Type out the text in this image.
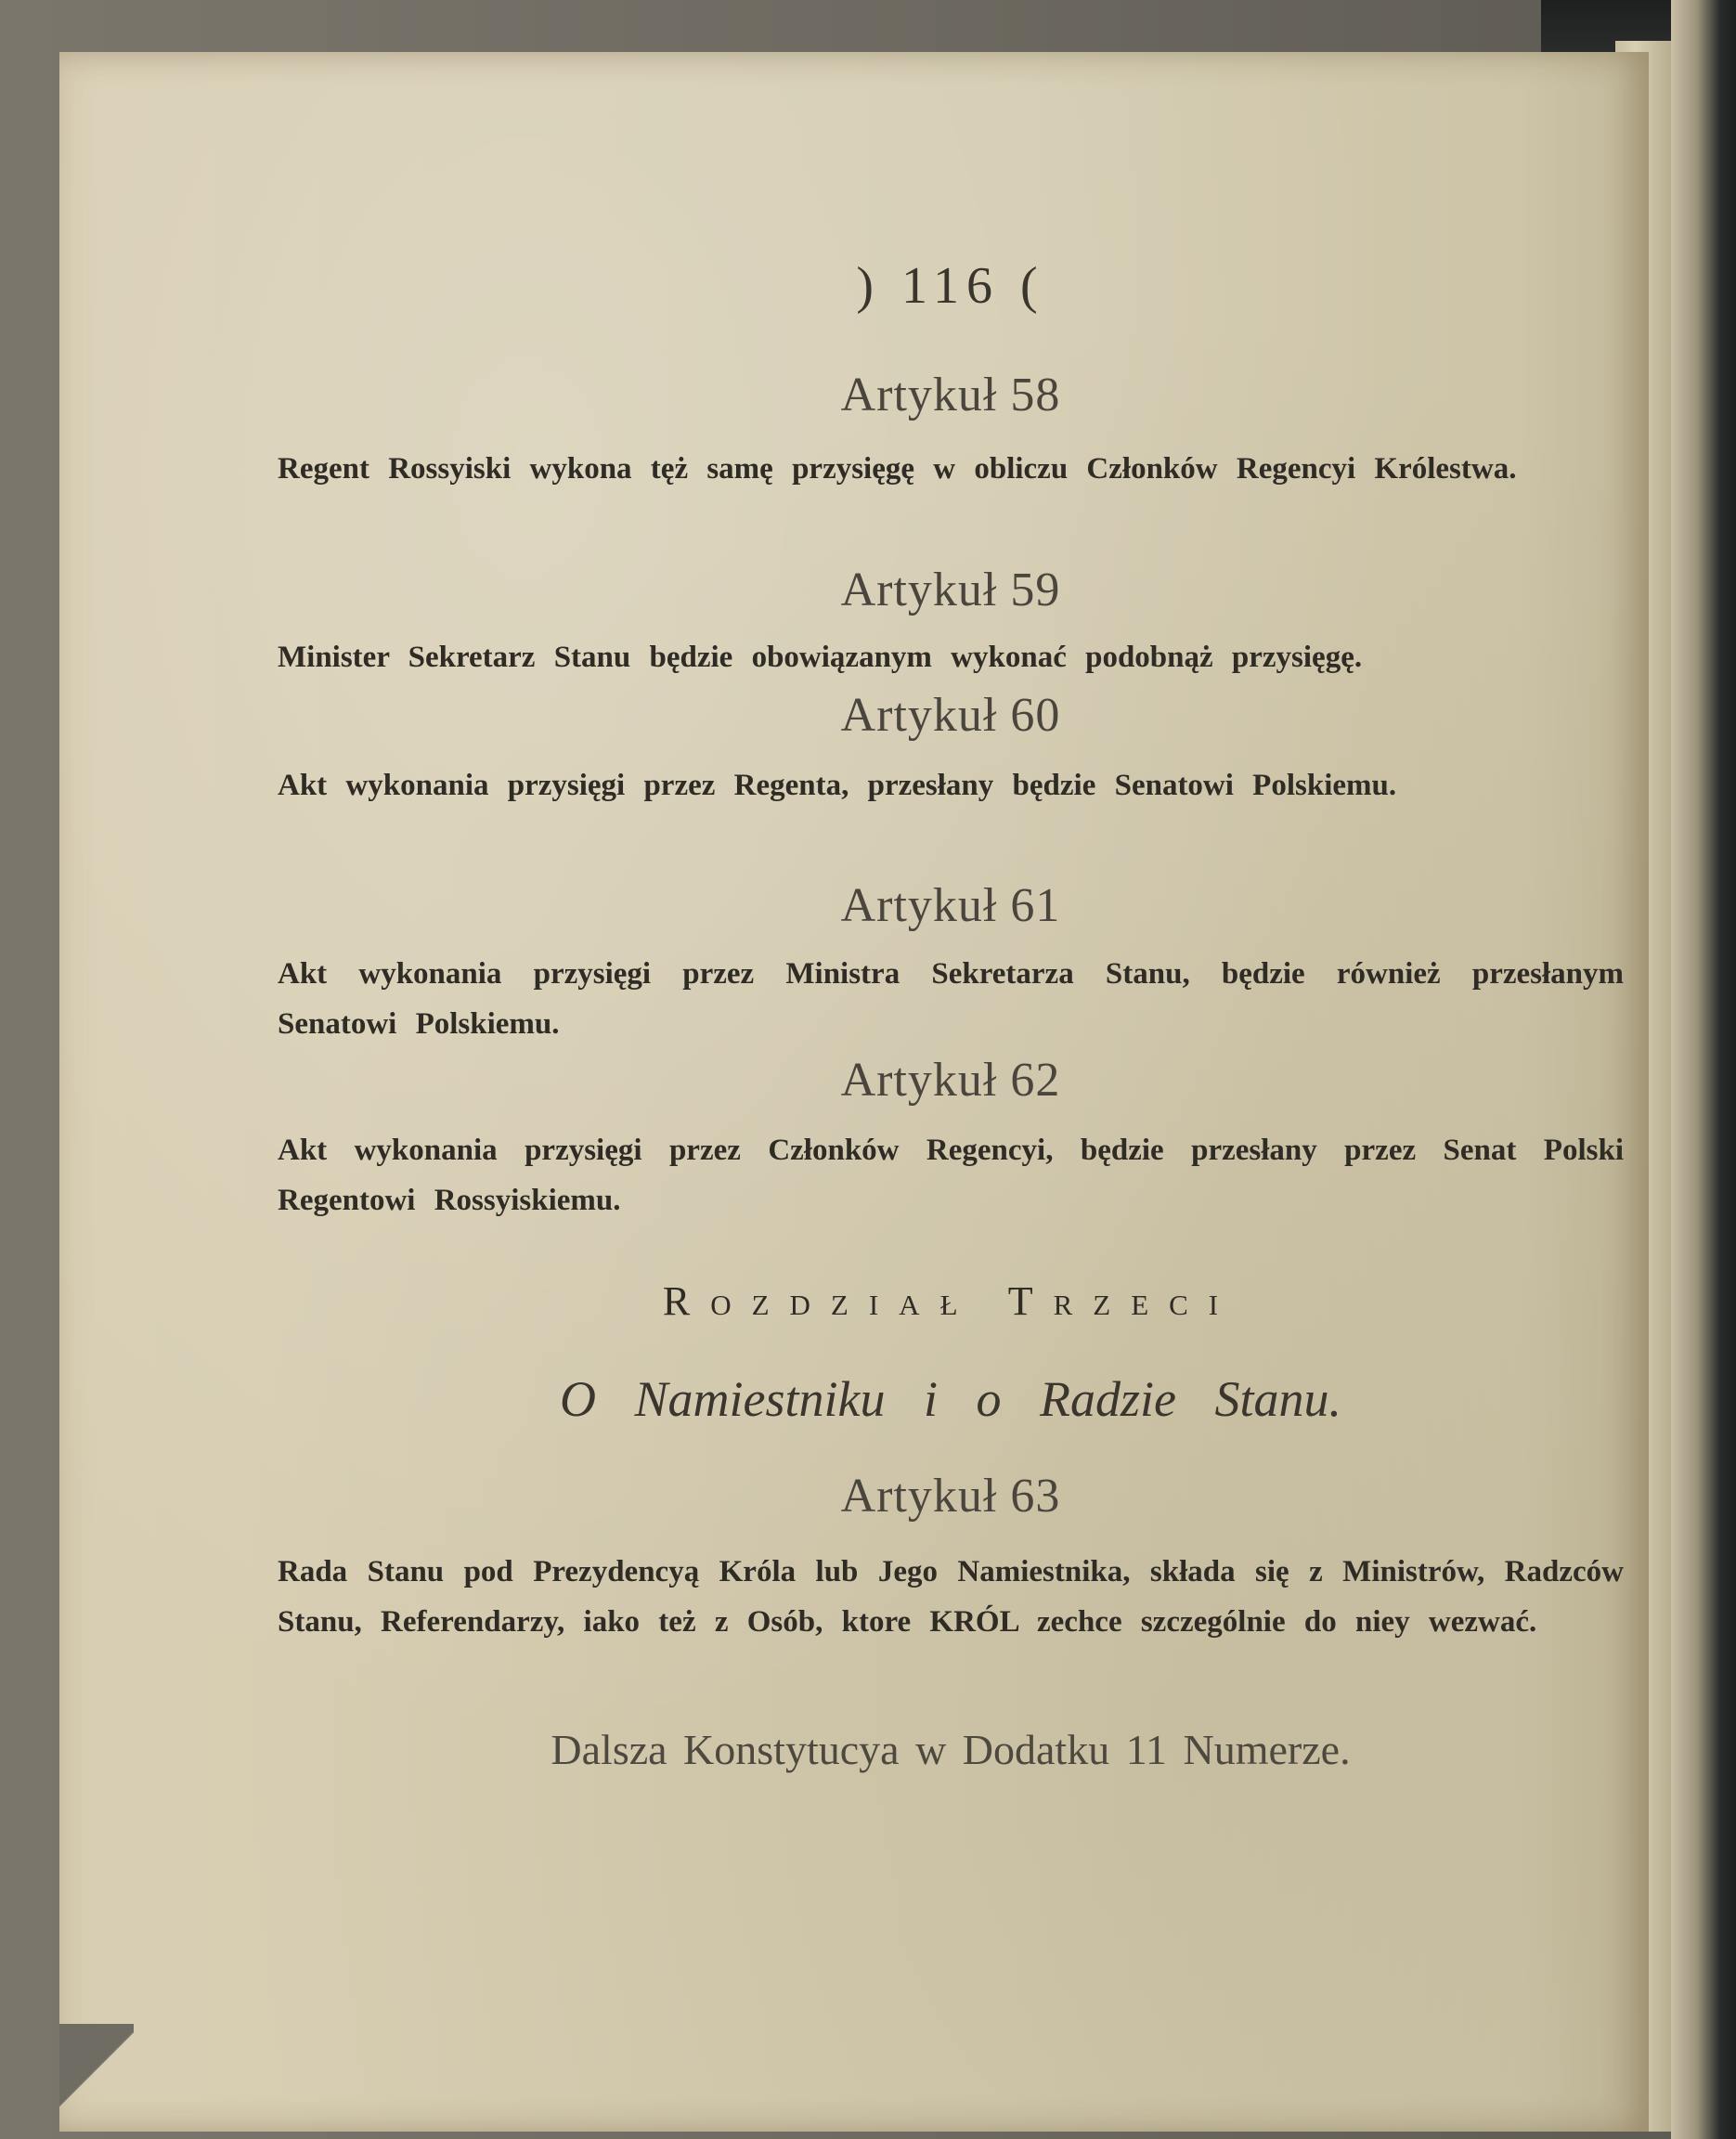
) 116 (
Artykuł 58
Regent Rossyiski wykona tęż samę przysięgę w obliczu Członków Regencyi Królestwa.
Artykuł 59
Minister Sekretarz Stanu będzie obowiązanym wykonać podobnąż przysięgę.
Artykuł 60
Akt wykonania przysięgi przez Regenta, przesłany będzie Senatowi Polskiemu.
Artykuł 61
Akt wykonania przysięgi przez Ministra Sekretarza Stanu, będzie również przesłanym Senatowi Polskiemu.
Artykuł 62
Akt wykonania przysięgi przez Członków Regencyi, będzie przesłany przez Senat Polski Regentowi Rossyiskiemu.
Rozdział Trzeci
O Namiestniku i o Radzie Stanu.
Artykuł 63
Rada Stanu pod Prezydencyą Króla lub Jego Namiestnika, składa się z Ministrów, Radzców Stanu, Referendarzy, iako też z Osób, ktore KRÓL zechce szczególnie do niey wezwać.
Dalsza Konstytucya w Dodatku 11 Numerze.
